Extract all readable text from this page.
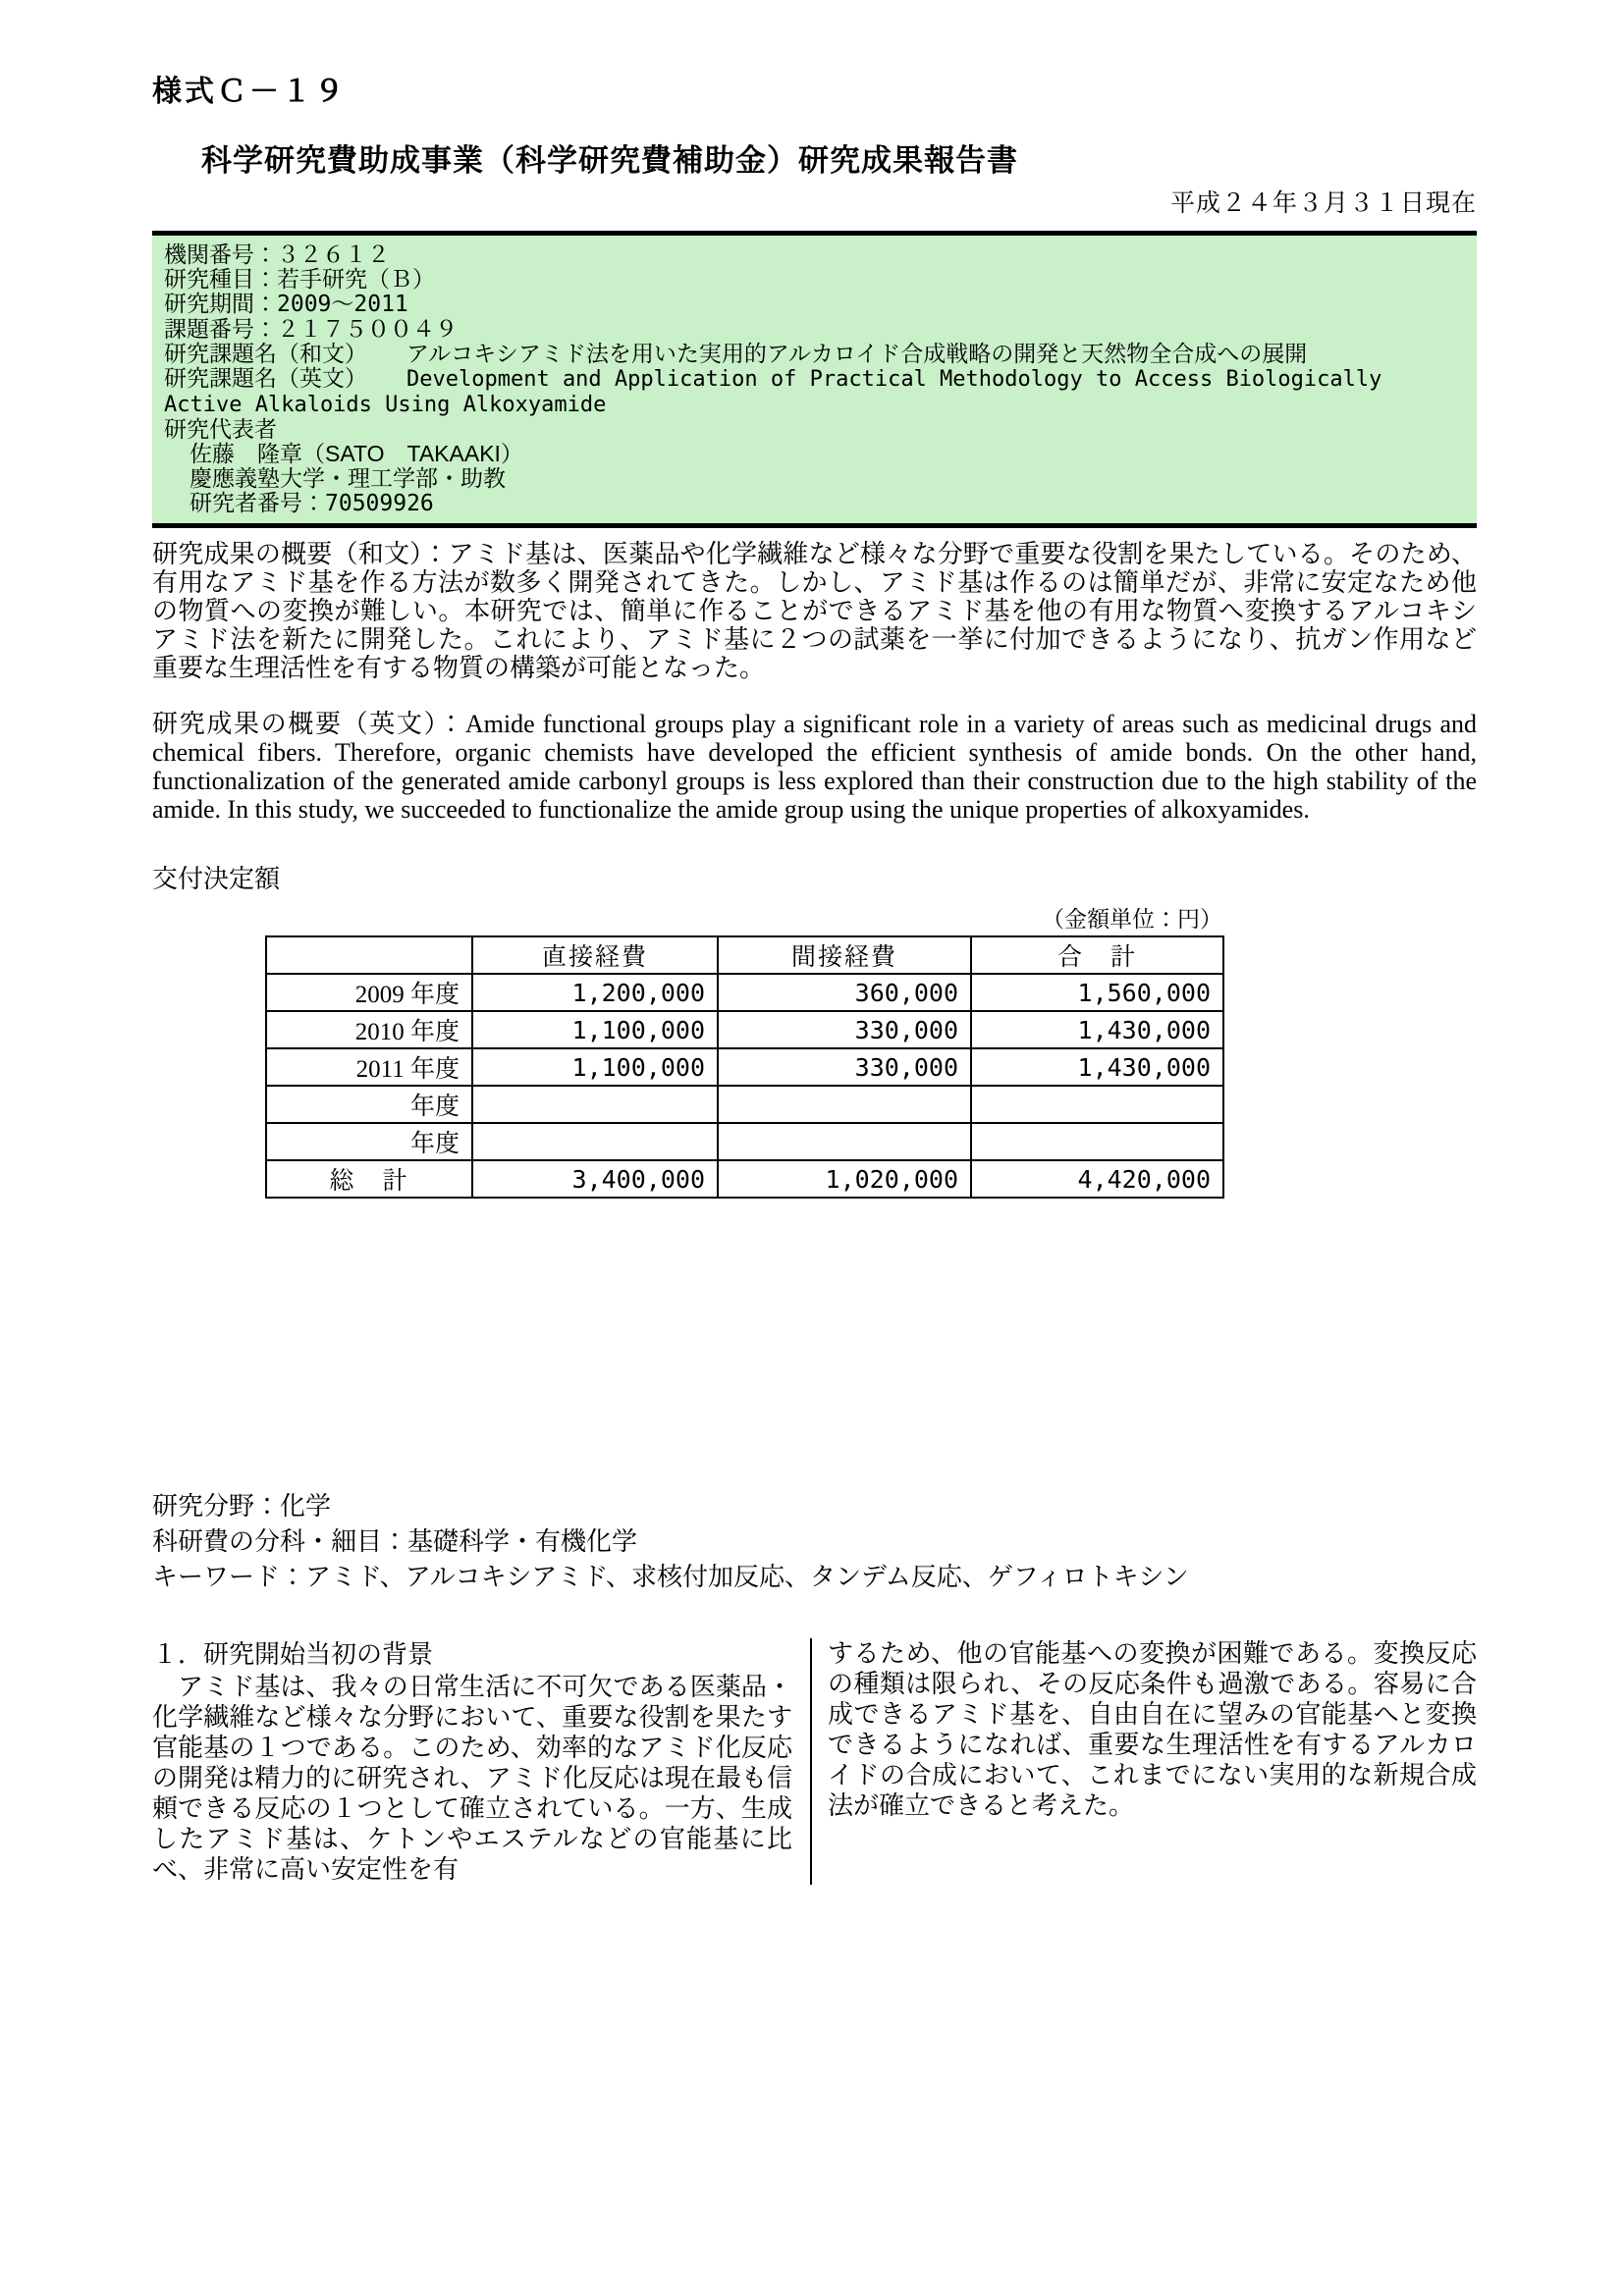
様式Ｃ－１９
科学研究費助成事業（科学研究費補助金）研究成果報告書
平成２４年３月３１日現在
機関番号：３２６１２
研究種目：若手研究（Ｂ）
研究期間：2009～2011
課題番号：２１７５００４９
研究課題名（和文） アルコキシアミド法を用いた実用的アルカロイド合成戦略の開発と天然物全合成への展開
研究課題名（英文） Development and Application of Practical Methodology to Access Biologically Active Alkaloids Using Alkoxyamide
研究代表者
佐藤　隆章（SATO　TAKAAKI）
慶應義塾大学・理工学部・助教
研究者番号：70509926

研究成果の概要（和文）：アミド基は、医薬品や化学繊維など様々な分野で重要な役割を果たしている。そのため、有用なアミド基を作る方法が数多く開発されてきた。しかし、アミド基は作るのは簡単だが、非常に安定なため他の物質への変換が難しい。本研究では、簡単に作ることができるアミド基を他の有用な物質へ変換するアルコキシアミド法を新たに開発した。これにより、アミド基に２つの試薬を一挙に付加できるようになり、抗ガン作用など重要な生理活性を有する物質の構築が可能となった。

研究成果の概要（英文）：Amide functional groups play a significant role in a variety of areas such as medicinal drugs and chemical fibers. Therefore, organic chemists have developed the efficient synthesis of amide bonds. On the other hand, functionalization of the generated amide carbonyl groups is less explored than their construction due to the high stability of the amide. In this study, we succeeded to functionalize the amide group using the unique properties of alkoxyamides.

交付決定額
（金額単位：円）
	直接経費	間接経費	合　計
2009 年度	1,200,000	360,000	1,560,000
2010 年度	1,100,000	330,000	1,430,000
2011 年度	1,100,000	330,000	1,430,000
年度			
年度			
総　計	3,400,000	1,020,000	4,420,000
研究分野：化学
科研費の分科・細目：基礎科学・有機化学
キーワード：アミド、アルコキシアミド、求核付加反応、タンデム反応、ゲフィロトキシン
１．研究開始当初の背景

　アミド基は、我々の日常生活に不可欠である医薬品・化学繊維など様々な分野において、重要な役割を果たす官能基の１つである。このため、効率的なアミド化反応の開発は精力的に研究され、アミド化反応は現在最も信頼できる反応の１つとして確立されている。一方、生成したアミド基は、ケトンやエステルなどの官能基に比べ、非常に高い安定性を有

するため、他の官能基への変換が困難である。変換反応の種類は限られ、その反応条件も過激である。容易に合成できるアミド基を、自由自在に望みの官能基へと変換できるようになれば、重要な生理活性を有するアルカロイドの合成において、これまでにない実用的な新規合成法が確立できると考えた。
